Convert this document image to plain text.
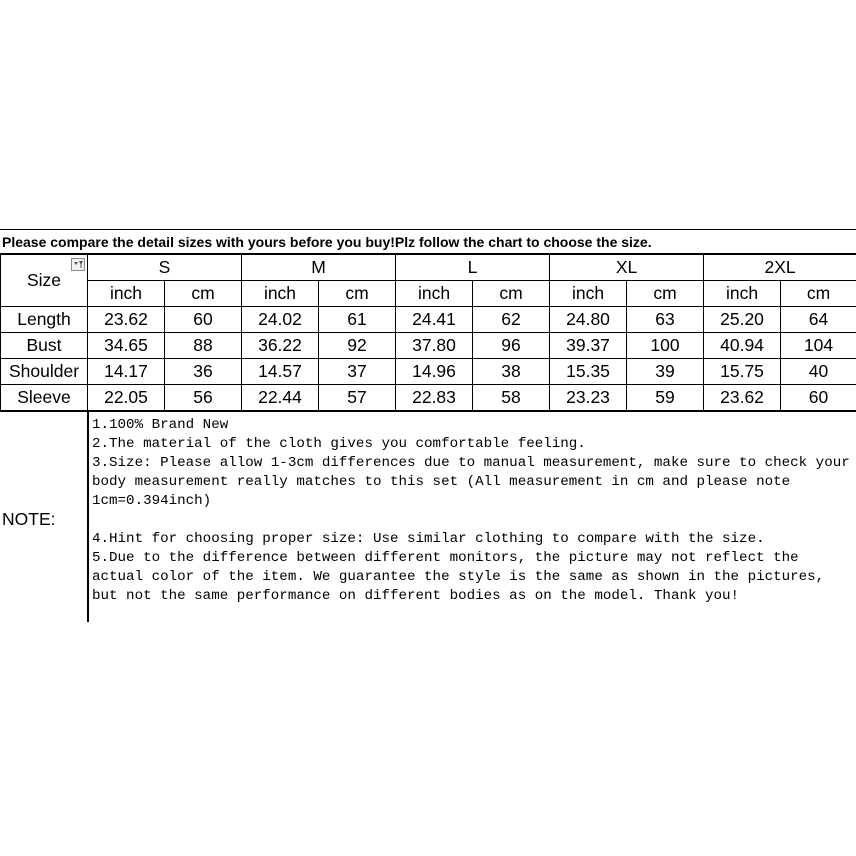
Please compare the detail sizes with yours before you buy!Plz follow the chart to choose the size.
Size	S		M		L		XL		2XL	
	inch	cm	inch	cm	inch	cm	inch	cm	inch	cm
Length	23.62	60	24.02	61	24.41	62	24.80	63	25.20	64
Bust	34.65	88	36.22	92	37.80	96	39.37	100	40.94	104
Shoulder	14.17	36	14.57	37	14.96	38	15.35	39	15.75	40
Sleeve	22.05	56	22.44	57	22.83	58	23.23	59	23.62	60
NOTE:

1.100% Brand New

2.The material of the cloth gives you comfortable feeling.

3.Size: Please allow 1-3cm differences due to manual measurement, make sure to check your body measurement really matches to this set (All measurement in cm and please note 1cm=0.394inch)

4.Hint for choosing proper size: Use similar clothing to compare with the size.

5.Due to the difference between different monitors, the picture may not reflect the actual color of the item. We guarantee the style is the same as shown in the pictures, but not the same performance on different bodies as on the model. Thank you!
